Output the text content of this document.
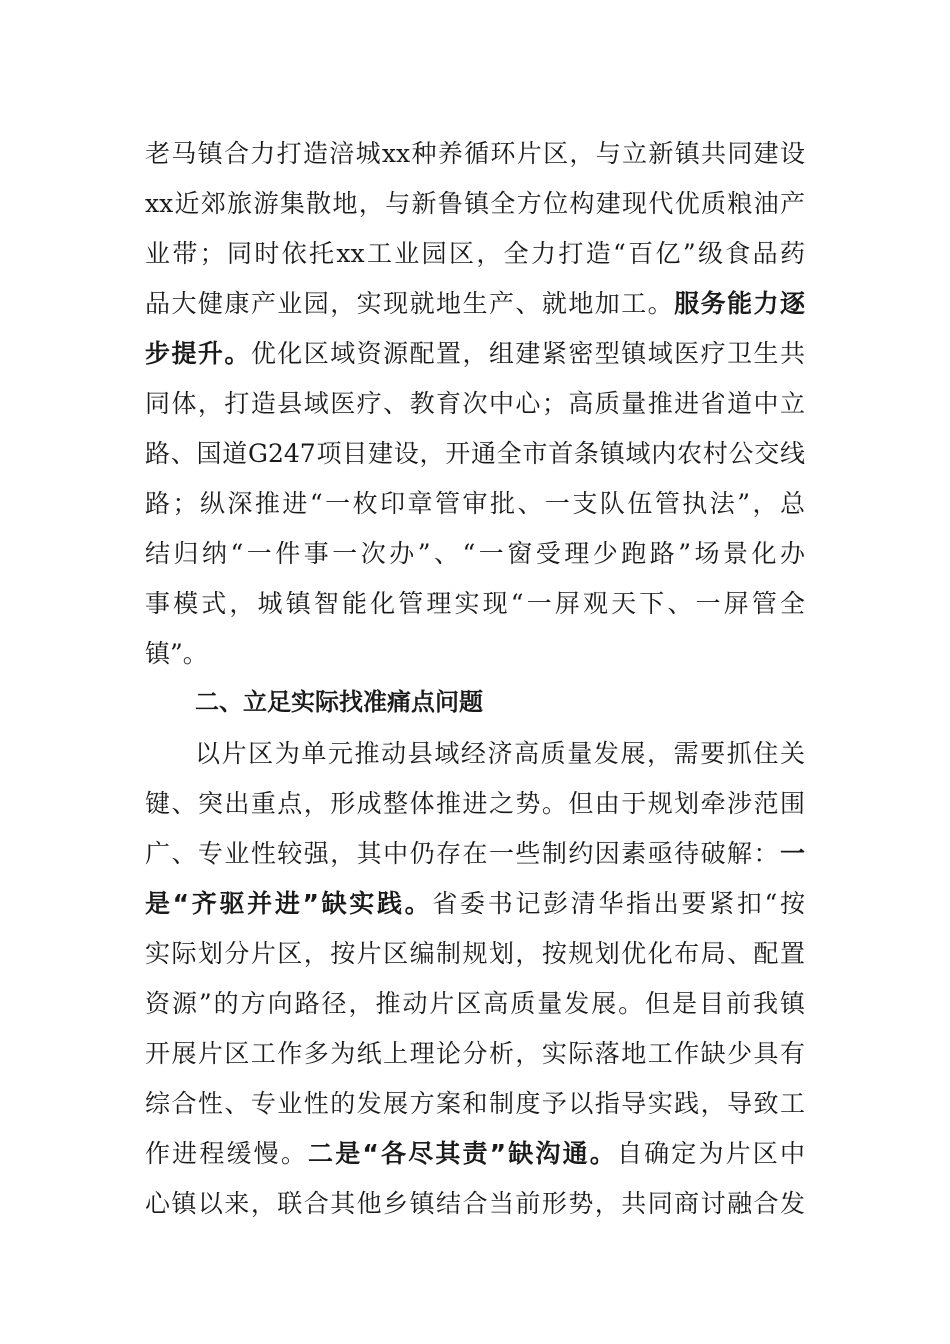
老马镇合力打造涪城xx种养循环片区，与立新镇共同建设
xx近郊旅游集散地，与新鲁镇全方位构建现代优质粮油产
业带；同时依托xx工业园区，全力打造“百亿”级食品药
品大健康产业园，实现就地生产、就地加工。服务能力逐
步提升。优化区域资源配置，组建紧密型镇域医疗卫生共
同体，打造县域医疗、教育次中心；高质量推进省道中立
路、国道G247项目建设，开通全市首条镇域内农村公交线
路；纵深推进“一枚印章管审批、一支队伍管执法”，总
结归纳“一件事一次办”、“一窗受理少跑路”场景化办
事模式，城镇智能化管理实现“一屏观天下、一屏管全
镇”。
二、立足实际找准痛点问题
以片区为单元推动县域经济高质量发展，需要抓住关
键、突出重点，形成整体推进之势。但由于规划牵涉范围
广、专业性较强，其中仍存在一些制约因素亟待破解：一
是“齐驱并进”缺实践。省委书记彭清华指出要紧扣“按
实际划分片区，按片区编制规划，按规划优化布局、配置
资源”的方向路径，推动片区高质量发展。但是目前我镇
开展片区工作多为纸上理论分析，实际落地工作缺少具有
综合性、专业性的发展方案和制度予以指导实践，导致工
作进程缓慢。二是“各尽其责”缺沟通。自确定为片区中
心镇以来，联合其他乡镇结合当前形势，共同商讨融合发
